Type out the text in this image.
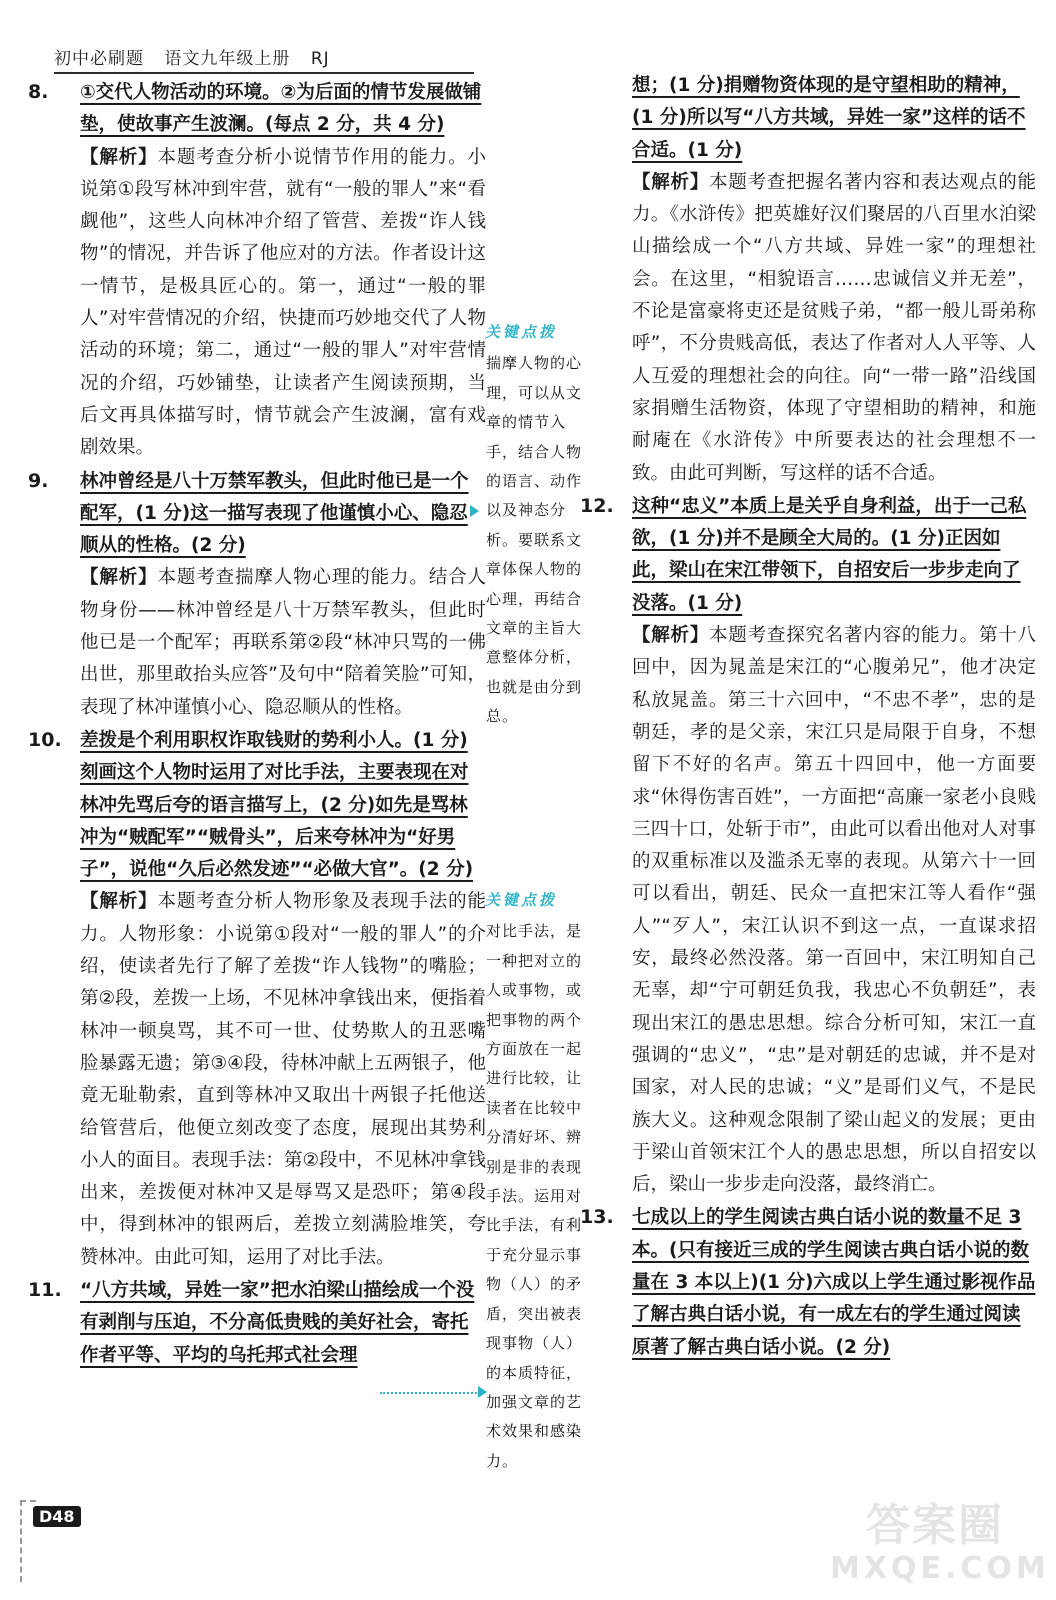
初中必刷题 语文九年级上册 RJ

8. ①交代人物活动的环境。②为后面的情节发展做铺垫，使故事产生波澜。(每点 2 分，共 4 分)

【解析】本题考查分析小说情节作用的能力。小说第①段写林冲到牢营，就有“一般的罪人”来“看觑他”，这些人向林冲介绍了管营、差拨“诈人钱物”的情况，并告诉了他应对的方法。作者设计这一情节，是极具匠心的。第一，通过“一般的罪人”对牢营情况的介绍，快捷而巧妙地交代了人物活动的环境；第二，通过“一般的罪人”对牢营情况的介绍，巧妙铺垫，让读者产生阅读预期，当后文再具体描写时，情节就会产生波澜，富有戏剧效果。

9. 林冲曾经是八十万禁军教头，但此时他已是一个配军，(1 分)这一描写表现了他谨慎小心、隐忍顺从的性格。(2 分)

【解析】本题考查揣摩人物心理的能力。结合人物身份——林冲曾经是八十万禁军教头，但此时他已是一个配军；再联系第②段“林冲只骂的一佛出世，那里敢抬头应答”及句中“陪着笑脸”可知，表现了林冲谨慎小心、隐忍顺从的性格。

10. 差拨是个利用职权诈取钱财的势利小人。(1 分)刻画这个人物时运用了对比手法，主要表现在对林冲先骂后夸的语言描写上，(2 分)如先是骂林冲为“贼配军”“贼骨头”，后来夸林冲为“好男子”，说他“久后必然发迹”“必做大官”。(2 分)

【解析】本题考查分析人物形象及表现手法的能力。人物形象：小说第①段对“一般的罪人”的介绍，使读者先行了解了差拨“诈人钱物”的嘴脸；第②段，差拨一上场，不见林冲拿钱出来，便指着林冲一顿臭骂，其不可一世、仗势欺人的丑恶嘴脸暴露无遗；第③④段，待林冲献上五两银子，他竟无耻勒索，直到等林冲又取出十两银子托他送给管营后，他便立刻改变了态度，展现出其势利小人的面目。表现手法：第②段中，不见林冲拿钱出来，差拨便对林冲又是辱骂又是恐吓；第④段中，得到林冲的银两后，差拨立刻满脸堆笑，夸赞林冲。由此可知，运用了对比手法。

11. “八方共域，异姓一家”把水泊梁山描绘成一个没有剥削与压迫，不分高低贵贱的美好社会，寄托作者平等、平均的乌托邦式社会理

关键点拨
揣摩人物的心理，可以从文章的情节入手，结合人物的语言、动作以及神态分析。要联系文章体保人物的心理，再结合文章的主旨大意整体分析，也就是由分到总。
关键点拨
对比手法，是一种把对立的人或事物，或把事物的两个方面放在一起进行比较，让读者在比较中分清好坏、辨别是非的表现手法。运用对比手法，有利于充分显示事物（人）的矛盾，突出被表现事物（人）的本质特征，加强文章的艺术效果和感染力。

想；(1 分)捐赠物资体现的是守望相助的精神，(1 分)所以写“八方共域，异姓一家”这样的话不合适。(1 分)

【解析】本题考查把握名著内容和表达观点的能力。《水浒传》把英雄好汉们聚居的八百里水泊梁山描绘成一个“八方共域、异姓一家”的理想社会。在这里，“相貌语言……忠诚信义并无差”，不论是富豪将吏还是贫贱子弟，“都一般儿哥弟称呼”，不分贵贱高低，表达了作者对人人平等、人人互爱的理想社会的向往。向“一带一路”沿线国家捐赠生活物资，体现了守望相助的精神，和施耐庵在《水浒传》中所要表达的社会理想不一致。由此可判断，写这样的话不合适。

12. 这种“忠义”本质上是关乎自身利益，出于一己私欲，(1 分)并不是顾全大局的。(1 分)正因如此，梁山在宋江带领下，自招安后一步步走向了没落。(1 分)

【解析】本题考查探究名著内容的能力。第十八回中，因为晁盖是宋江的“心腹弟兄”，他才决定私放晁盖。第三十六回中，“不忠不孝”，忠的是朝廷，孝的是父亲，宋江只是局限于自身，不想留下不好的名声。第五十四回中，他一方面要求“休得伤害百姓”，一方面把“高廉一家老小良贱三四十口，处斩于市”，由此可以看出他对人对事的双重标准以及滥杀无辜的表现。从第六十一回可以看出，朝廷、民众一直把宋江等人看作“强人”“歹人”，宋江认识不到这一点，一直谋求招安，最终必然没落。第一百回中，宋江明知自己无辜，却“宁可朝廷负我，我忠心不负朝廷”，表现出宋江的愚忠思想。综合分析可知，宋江一直强调的“忠义”，“忠”是对朝廷的忠诚，并不是对国家，对人民的忠诚；“义”是哥们义气，不是民族大义。这种观念限制了梁山起义的发展；更由于梁山首领宋江个人的愚忠思想，所以自招安以后，梁山一步步走向没落，最终消亡。

13. 七成以上的学生阅读古典白话小说的数量不足 3 本。(只有接近三成的学生阅读古典白话小说的数量在 3 本以上)(1 分)六成以上学生通过影视作品了解古典白话小说，有一成左右的学生通过阅读原著了解古典白话小说。(2 分)

D48	答案圈
MXQE.COM
